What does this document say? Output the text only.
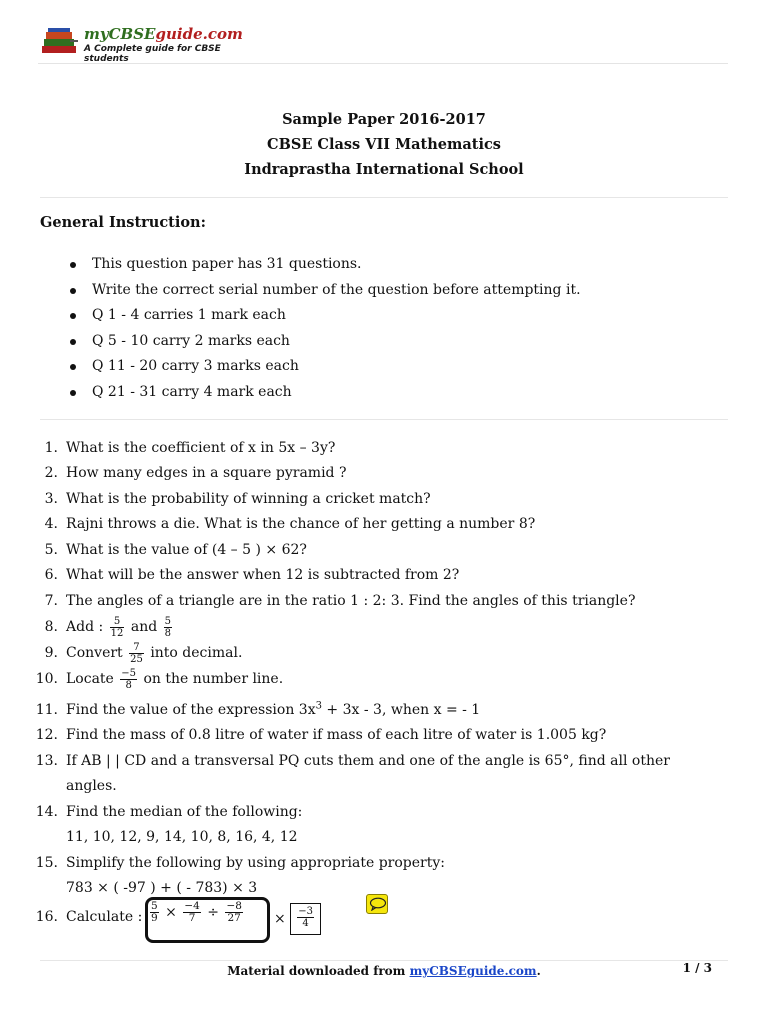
myCBSEguide.com
A Complete guide for CBSE students
Sample Paper 2016-2017
CBSE Class VII Mathematics
Indraprastha International School
General Instruction:
This question paper has 31 questions.
Write the correct serial number of the question before attempting it.
Q 1 - 4 carries 1 mark each
Q 5 - 10 carry 2 marks each
Q 11 - 20 carry 3 marks each
Q 21 - 31 carry 4 mark each
1. What is the coefficient of x in 5x – 3y?
2. How many edges in a square pyramid ?
3. What is the probability of winning a cricket match?
4. Rajni throws a die. What is the chance of her getting a number 8?
5. What is the value of (4 – 5 ) × 62?
6. What will be the answer when 12 is subtracted from 2?
7. The angles of a triangle are in the ratio 1 : 2: 3. Find the angles of this triangle?
8. Add : $\frac{5}{12}$ and $\frac{5}{8}$
9. Convert $\frac{7}{25}$ into decimal.
10. Locate $\frac{-5}{8}$ on the number line.
11. Find the value of the expression $3x^3 + 3x - 3$, when x = - 1
12. Find the mass of 0.8 litre of water if mass of each litre of water is 1.005 kg?
13. If AB | | CD and a transversal PQ cuts them and one of the angle is 65°, find all other
angles.
14. Find the median of the following:
11, 10, 12, 9, 14, 10, 8, 16, 4, 12
15. Simplify the following by using appropriate property:
783 × ( -97 ) + ( - 783) × 3
16. Calculate : $\frac{5}{9} \times \frac{-4}{7} \div \frac{-8}{27} \times \frac{-3}{4}$
Material downloaded from myCBSEguide.com.	1 / 3
